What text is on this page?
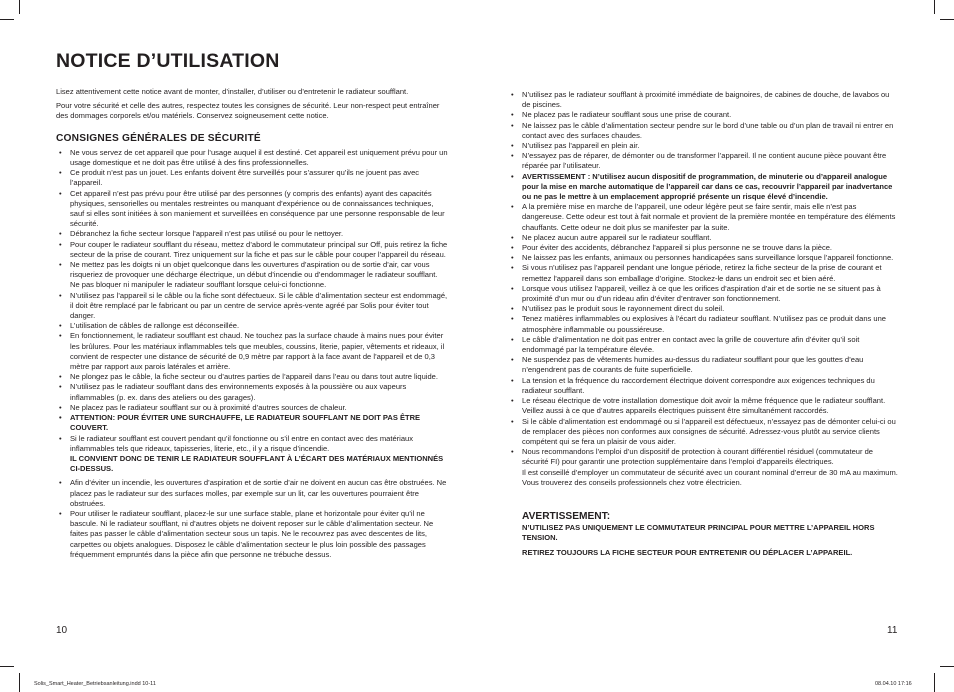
NOTICE D’UTILISATION

Lisez attentivement cette notice avant de monter, d’installer, d’utiliser ou d’entretenir le radiateur soufflant.

Pour votre sécurité et celle des autres, respectez toutes les consignes de sécurité. Leur non-respect peut entraîner des dommages corporels et/ou matériels. Conservez soigneusement cette notice.

CONSIGNES GÉNÉRALES DE SÉCURITÉ
• Ne vous servez de cet appareil que pour l’usage auquel il est destiné. Cet appareil est uniquement prévu pour un usage domestique et ne doit pas être utilisé à des fins professionnelles.
• Ce produit n’est pas un jouet. Les enfants doivent être surveillés pour s’assurer qu’ils ne jouent pas avec l’appareil.
• Cet appareil n’est pas prévu pour être utilisé par des personnes (y compris des enfants) ayant des capacités physiques, sensorielles ou mentales restreintes ou manquant d’expérience ou de connaissances techniques, sauf si elles sont initiées à son maniement et surveillées en conséquence par une personne responsable de leur sécurité.
• Débranchez la fiche secteur lorsque l’appareil n’est pas utilisé ou pour le nettoyer.
• Pour couper le radiateur soufflant du réseau, mettez d’abord le commutateur principal sur Off, puis retirez la fiche secteur de la prise de courant. Tirez uniquement sur la fiche et pas sur le câble pour couper l’appareil du réseau.
• Ne mettez pas les doigts ni un objet quelconque dans les ouvertures d’aspiration ou de sortie d’air, car vous risqueriez de provoquer une décharge électrique, un début d’incendie ou d’endommager le radiateur soufflant. Ne pas bloquer ni manipuler le radiateur soufflant lorsque celui-ci fonctionne.
• N’utilisez pas l’appareil si le câble ou la fiche sont défectueux. Si le câble d’alimentation secteur est endommagé, il doit être remplacé par le fabricant ou par un centre de service après-vente agréé par Solis pour éviter tout danger.
• L’utilisation de câbles de rallonge est déconseillée.
• En fonctionnement, le radiateur soufflant est chaud. Ne touchez pas la surface chaude à mains nues pour éviter les brûlures. Pour les matériaux inflammables tels que meubles, coussins, literie, papier, vêtements et rideaux, il convient de respecter une distance de sécurité de 0,9 mètre par rapport à la face avant de l’appareil et de 0,3 mètre par rapport aux parois latérales et arrière.
• Ne plongez pas le câble, la fiche secteur ou d’autres parties de l’appareil dans l’eau ou dans tout autre liquide.
• N’utilisez pas le radiateur soufflant dans des environnements exposés à la poussière ou aux vapeurs inflammables (p. ex. dans des ateliers ou des garages).
• Ne placez pas le radiateur soufflant sur ou à proximité d’autres sources de chaleur.
• ATTENTION: POUR ÉVITER UNE SURCHAUFFE, LE RADIATEUR SOUFFLANT NE DOIT PAS ÊTRE COUVERT.
• Si le radiateur soufflant est couvert pendant qu’il fonctionne ou s’il entre en contact avec des matériaux inflammables tels que rideaux, tapisseries, literie, etc., il y a risque d’incendie.

IL CONVIENT DONC DE TENIR LE RADIATEUR SOUFFLANT À L’ÉCART DES MATÉRIAUX MENTIONNÉS CI-DESSUS.

• Afin d’éviter un incendie, les ouvertures d’aspiration et de sortie d’air ne doivent en aucun cas être obstruées. Ne placez pas le radiateur sur des surfaces molles, par exemple sur un lit, car les ouvertures pourraient être obstruées.
• Pour utiliser le radiateur soufflant, placez-le sur une surface stable, plane et horizontale pour éviter qu’il ne bascule. Ni le radiateur soufflant, ni d’autres objets ne doivent reposer sur le câble d’alimentation secteur. Ne faites pas passer le câble d’alimentation secteur sous un tapis. Ne le recouvrez pas avec descentes de lits, carpettes ou objets analogues. Disposez le câble d’alimentation secteur le plus loin possible des passages fréquemment empruntés dans la pièce afin que personne ne trébuche dessus.
• N’utilisez pas le radiateur soufflant à proximité immédiate de baignoires, de cabines de douche, de lavabos ou de piscines.
• Ne placez pas le radiateur soufflant sous une prise de courant.
• Ne laissez pas le câble d’alimentation secteur pendre sur le bord d’une table ou d’un plan de travail ni entrer en contact avec des surfaces chaudes.
• N’utilisez pas l’appareil en plein air.
• N’essayez pas de réparer, de démonter ou de transformer l’appareil. Il ne contient aucune pièce pouvant être réparée par l’utilisateur.
• AVERTISSEMENT : N’utilisez aucun dispositif de programmation, de minuterie ou d’appareil analogue pour la mise en marche automatique de l’appareil car dans ce cas, recouvrir l’appareil par inadvertance ou ne pas le mettre à un emplacement approprié présente un risque élevé d’incendie.
• A la première mise en marche de l’appareil, une odeur légère peut se faire sentir, mais elle n’est pas dangereuse. Cette odeur est tout à fait normale et provient de la première montée en température des éléments chauffants. Cette odeur ne doit plus se manifester par la suite.
• Ne placez aucun autre appareil sur le radiateur soufflant.
• Pour éviter des accidents, débranchez l’appareil si plus personne ne se trouve dans la pièce.
• Ne laissez pas les enfants, animaux ou personnes handicapées sans surveillance lorsque l’appareil fonctionne.
• Si vous n’utilisez pas l’appareil pendant une longue période, retirez la fiche secteur de la prise de courant et remettez l’appareil dans son emballage d’origine. Stockez-le dans un endroit sec et bien aéré.
• Lorsque vous utilisez l’appareil, veillez à ce que les orifices d’aspiration d’air et de sortie ne se situent pas à proximité d’un mur ou d’un rideau afin d’éviter d’entraver son fonctionnement.
• N’utilisez pas le produit sous le rayonnement direct du soleil.
• Tenez matières inflammables ou explosives à l’écart du radiateur soufflant. N’utilisez pas ce produit dans une atmosphère inflammable ou poussiéreuse.
• Le câble d’alimentation ne doit pas entrer en contact avec la grille de couverture afin d’éviter qu’il soit endommagé par la température élevée.
• Ne suspendez pas de vêtements humides au-dessus du radiateur soufflant pour que les gouttes d’eau n’engendrent pas de courants de fuite superficielle.
• La tension et la fréquence du raccordement électrique doivent correspondre aux exigences techniques du radiateur soufflant.
• Le réseau électrique de votre installation domestique doit avoir la même fréquence que le radiateur soufflant. Veillez aussi à ce que d’autres appareils électriques puissent être simultanément raccordés.
• Si le câble d’alimentation est endommagé ou si l’appareil est défectueux, n’essayez pas de démonter celui-ci ou de remplacer des pièces non conformes aux consignes de sécurité. Adressez-vous plutôt au service clients compétent qui se fera un plaisir de vous aider.
• Nous recommandons l’emploi d’un dispositif de protection à courant différentiel résiduel (commutateur de sécurité FI) pour garantir une protection supplémentaire dans l’emploi d’appareils électriques.

Il est conseillé d’employer un commutateur de sécurité avec un courant nominal d’erreur de 30 mA au maximum. Vous trouverez des conseils professionnels chez votre électricien.

AVERTISSEMENT:

N’UTILISEZ PAS UNIQUEMENT LE COMMUTATEUR PRINCIPAL POUR METTRE L’APPAREIL HORS TENSION.

RETIREZ TOUJOURS LA FICHE SECTEUR POUR ENTRETENIR OU DÉPLACER L’APPAREIL.

10	11
Solis_Smart_Heater_Betriebsanleitung.indd 10-11	08.04.10 17:16
